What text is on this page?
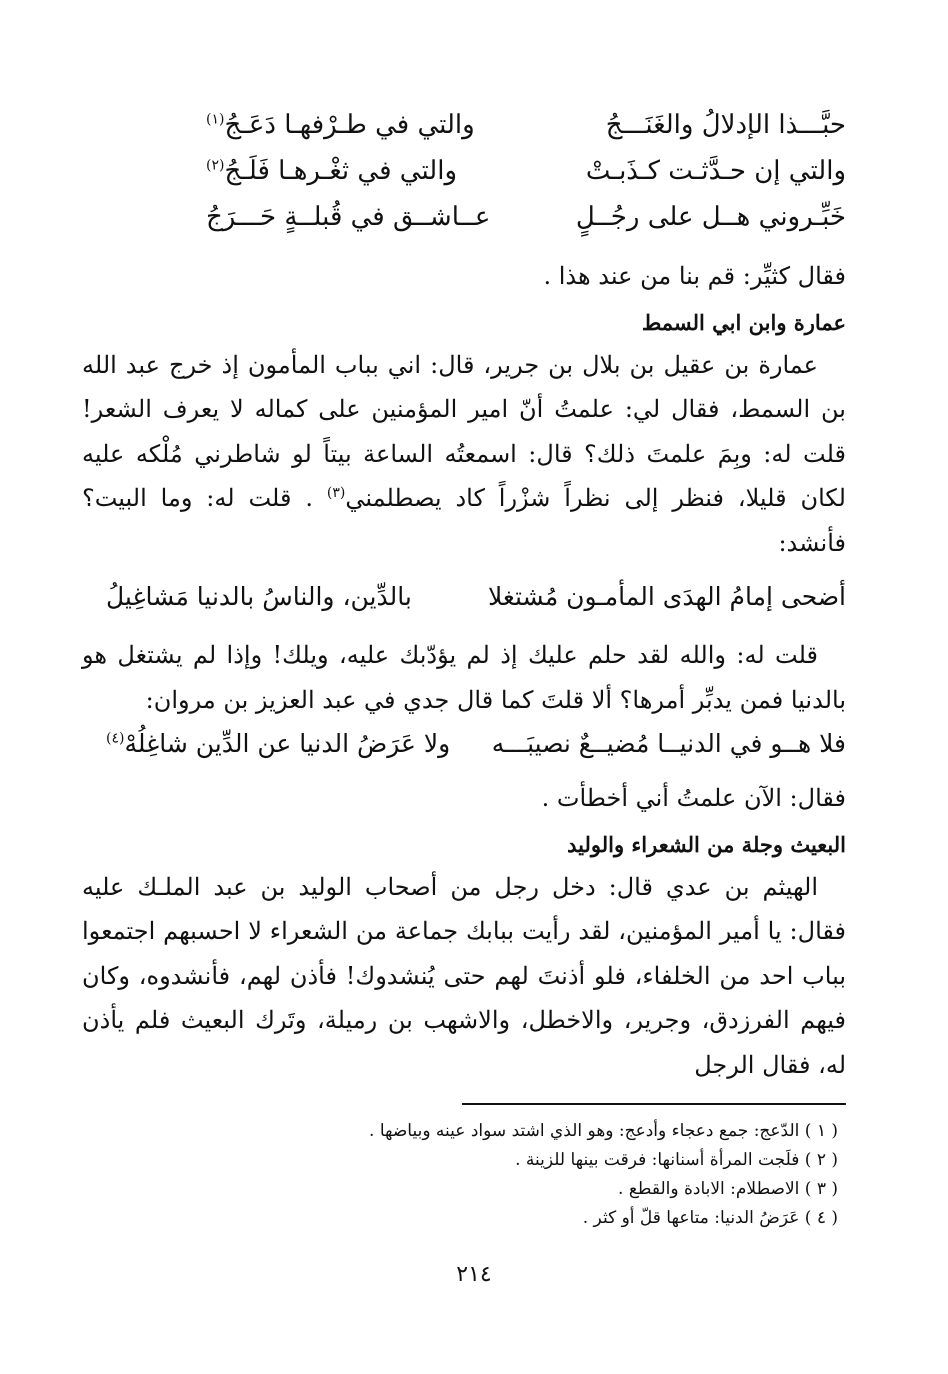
حبَّـــذا الإدلالُ والغَنَـــجُ
والتي في طـرْفهـا دَعَـجُ$^{(١)}$
والتي إن حـدَّثـت كـذَبـتْ
والتي في ثغْـرهـا فَلَـجُ$^{(٢)}$
خَبِّـروني هــل على رجُــلٍ
عــاشــق في قُبلــةٍ حَـــرَجُ
فقال كثيِّر: قم بنا من عند هذا .
عمارة وابن ابي السمط

عمارة بن عقيل بن بلال بن جرير، قال: اني بباب المأمون إذ خرج عبد الله بن السمط، فقال لي: علمتُ أنّ امير المؤمنين على كماله لا يعرف الشعر! قلت له: وبِمَ علمتَ ذلك؟ قال: اسمعتُه الساعة بيتاً لو شاطرني مُلْكه عليه لكان قليلا، فنظر إلى نظراً شزْراً كاد يصطلمني$^{(٣)}$ . قلت له: وما البيت؟ فأنشد:

أضحى إمامُ الهدَى المأمـون مُشتغلا
بالدِّين، والناسُ بالدنيا مَشاغِيلُ

قلت له: والله لقد حلم عليك إذ لم يؤدّبك عليه، ويلك! وإذا لم يشتغل هو بالدنيا فمن يدبِّر أمرها؟ ألا قلتَ كما قال جدي في عبد العزيز بن مروان:

فلا هــو في الدنيــا مُضيــعٌ نصيبَـــه
ولا عَرَضُ الدنيا عن الدِّين شاغِلُهْ$^{(٤)}$
فقال: الآن علمتُ أني أخطأت .
البعيث وجلة من الشعراء والوليد

الهيثم بن عدي قال: دخل رجل من أصحاب الوليد بن عبد الملـك عليه فقال: يا أمير المؤمنين، لقد رأيت ببابك جماعة من الشعراء لا احسبهم اجتمعوا بباب احد من الخلفاء، فلو أذنتَ لهم حتى يُنشدوك! فأذن لهم، فأنشدوه، وكان فيهم الفرزدق، وجرير، والاخطل، والاشهب بن رميلة، وتَرك البعيث فلم يأذن له، فقال الرجل

( ١ ) الدّعج: جمع دعجاء وأدعج: وهو الذي اشتد سواد عينه وبياضها .
( ٢ ) فلَجت المرأة أسنانها: فرقت بينها للزينة .
( ٣ ) الاصطلام: الابادة والقطع .
( ٤ ) عَرَضُ الدنيا: متاعها قلّ أو كثر .
٢١٤
